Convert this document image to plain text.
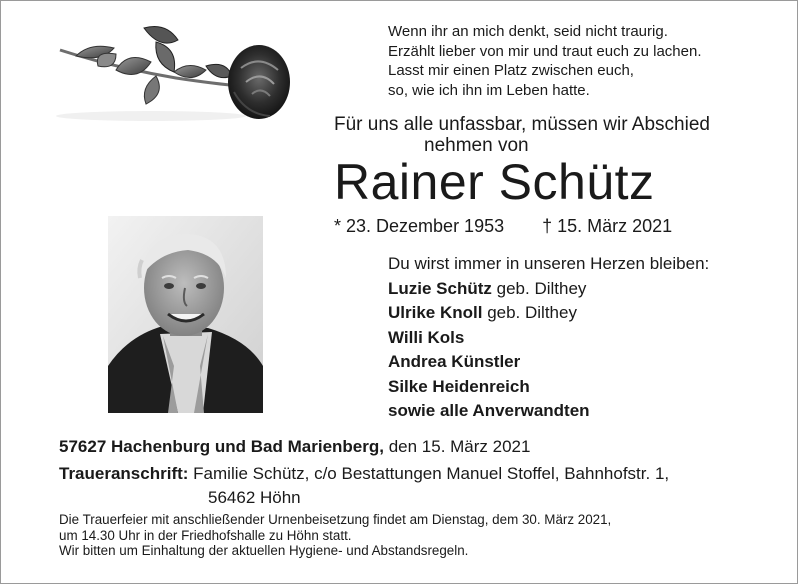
Wenn ihr an mich denkt, seid nicht traurig.
Erzählt lieber von mir und traut euch zu lachen.
Lasst mir einen Platz zwischen euch,
so, wie ich ihn im Leben hatte.
Für uns alle unfassbar, müssen wir Abschied
nehmen von
Rainer Schütz
* 23. Dezember 1953 † 15. März 2021
Du wirst immer in unseren Herzen bleiben:
Luzie Schütz geb. Dilthey
Ulrike Knoll geb. Dilthey
Willi Kols
Andrea Künstler
Silke Heidenreich
sowie alle Anverwandten
57627 Hachenburg und Bad Marienberg, den 15. März 2021
Traueranschrift: Familie Schütz, c/o Bestattungen Manuel Stoffel, Bahnhofstr. 1,
56462 Höhn
Die Trauerfeier mit anschließender Urnenbeisetzung findet am Dienstag, dem 30. März 2021,
um 14.30 Uhr in der Friedhofshalle zu Höhn statt.
Wir bitten um Einhaltung der aktuellen Hygiene- und Abstandsregeln.
